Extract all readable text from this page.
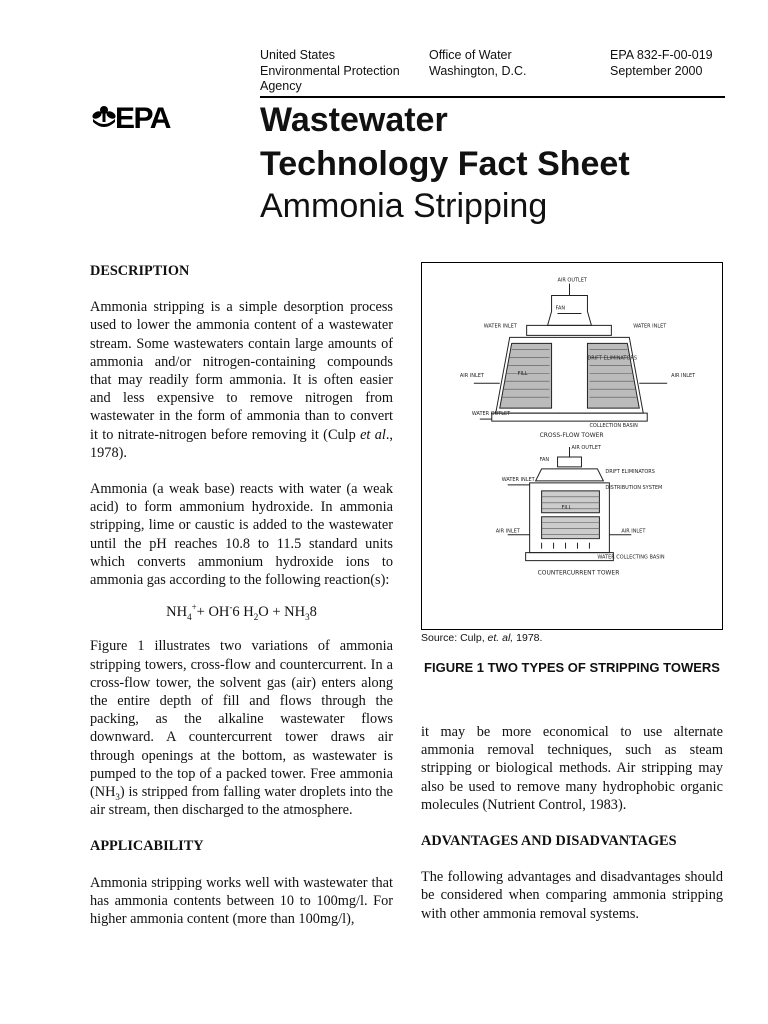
United States
Environmental Protection
Agency
Office of Water
Washington, D.C.
EPA 832-F-00-019
September 2000
EPA	Wastewater
Technology Fact Sheet
Ammonia Stripping
DESCRIPTION

Ammonia stripping is a simple desorption process used to lower the ammonia content of a wastewater stream. Some wastewaters contain large amounts of ammonia and/or nitrogen-containing compounds that may readily form ammonia. It is often easier and less expensive to remove nitrogen from wastewater in the form of ammonia than to convert it to nitrate-nitrogen before removing it (Culp et al., 1978).

Ammonia (a weak base) reacts with water (a weak acid) to form ammonium hydroxide. In ammonia stripping, lime or caustic is added to the wastewater until the pH reaches 10.8 to 11.5 standard units which converts ammonium hydroxide ions to ammonia gas according to the following reaction(s):

$NH_4^++ OH^-6$ $H_2O + NH_38$

Figure 1 illustrates two variations of ammonia stripping towers, cross-flow and countercurrent. In a cross-flow tower, the solvent gas (air) enters along the entire depth of fill and flows through the packing, as the alkaline wastewater flows downward. A countercurrent tower draws air through openings at the bottom, as wastewater is pumped to the top of a packed tower. Free ammonia $(NH_3)$ is stripped from falling water droplets into the air stream, then discharged to the atmosphere.

APPLICABILITY

Ammonia stripping works well with wastewater that has ammonia contents between 10 to 100mg/l. For higher ammonia content (more than 100mg/l),

AIR OUTLET
FAN
WATER INLET	WATER INLET
DRIFT ELIMINATORS
AIR INLET	AIR INLET
FILL
WATER OUTLET
COLLECTION BASIN
CROSS-FLOW TOWER
AIR OUTLET
FAN
WATER INLET
DRIFT ELIMINATORS
DISTRIBUTION SYSTEM
FILL
AIR INLET	AIR INLET
WATER COLLECTING BASIN
COUNTERCURRENT TOWER
Source: Culp, et. al, 1978.
FIGURE 1 TWO TYPES OF STRIPPING TOWERS

it may be more economical to use alternate ammonia removal techniques, such as steam stripping or biological methods. Air stripping may also be used to remove many hydrophobic organic molecules (Nutrient Control, 1983).

ADVANTAGES AND DISADVANTAGES

The following advantages and disadvantages should be considered when comparing ammonia stripping with other ammonia removal systems.
